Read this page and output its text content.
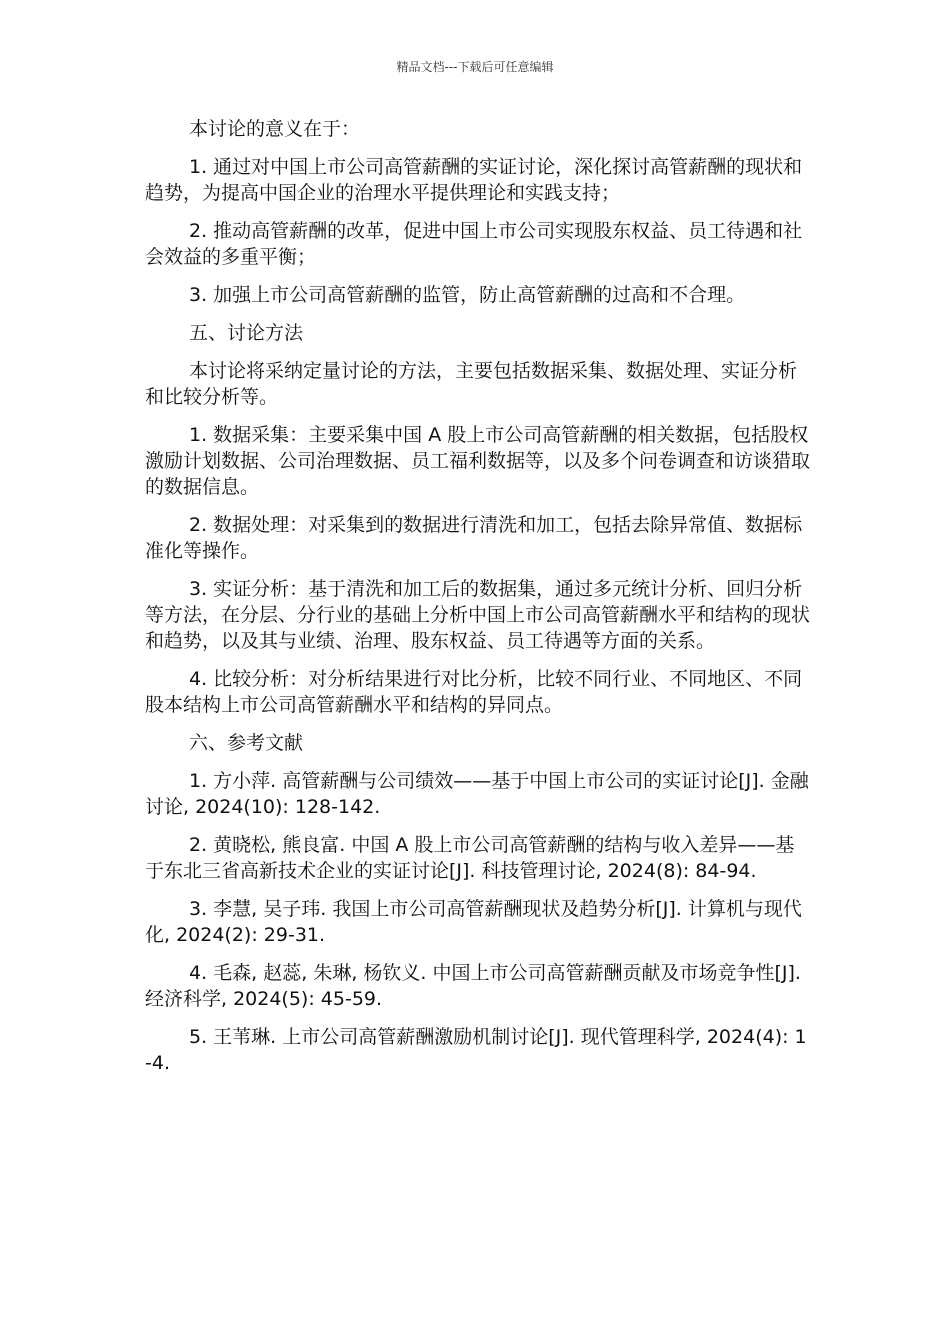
精品文档---下载后可任意编辑

本讨论的意义在于：

1. 通过对中国上市公司高管薪酬的实证讨论，深化探讨高管薪酬的现状和趋势，为提高中国企业的治理水平提供理论和实践支持；

2. 推动高管薪酬的改革，促进中国上市公司实现股东权益、员工待遇和社会效益的多重平衡；

3. 加强上市公司高管薪酬的监管，防止高管薪酬的过高和不合理。

五、讨论方法

本讨论将采纳定量讨论的方法，主要包括数据采集、数据处理、实证分析和比较分析等。

1. 数据采集：主要采集中国 A 股上市公司高管薪酬的相关数据，包括股权激励计划数据、公司治理数据、员工福利数据等，以及多个问卷调查和访谈猎取的数据信息。

2. 数据处理：对采集到的数据进行清洗和加工，包括去除异常值、数据标准化等操作。

3. 实证分析：基于清洗和加工后的数据集，通过多元统计分析、回归分析等方法，在分层、分行业的基础上分析中国上市公司高管薪酬水平和结构的现状和趋势，以及其与业绩、治理、股东权益、员工待遇等方面的关系。

4. 比较分析：对分析结果进行对比分析，比较不同行业、不同地区、不同股本结构上市公司高管薪酬水平和结构的异同点。

六、参考文献

1. 方小萍. 高管薪酬与公司绩效——基于中国上市公司的实证讨论[J]. 金融讨论, 2024(10): 128-142.

2. 黄晓松, 熊良富. 中国 A 股上市公司高管薪酬的结构与收入差异——基于东北三省高新技术企业的实证讨论[J]. 科技管理讨论, 2024(8): 84-94.

3. 李慧, 吴子玮. 我国上市公司高管薪酬现状及趋势分析[J]. 计算机与现代化, 2024(2): 29-31.

4. 毛森, 赵蕊, 朱琳, 杨钦义. 中国上市公司高管薪酬贡献及市场竞争性[J]. 经济科学, 2024(5): 45-59.

5. 王苇琳. 上市公司高管薪酬激励机制讨论[J]. 现代管理科学, 2024(4): 1-4.
